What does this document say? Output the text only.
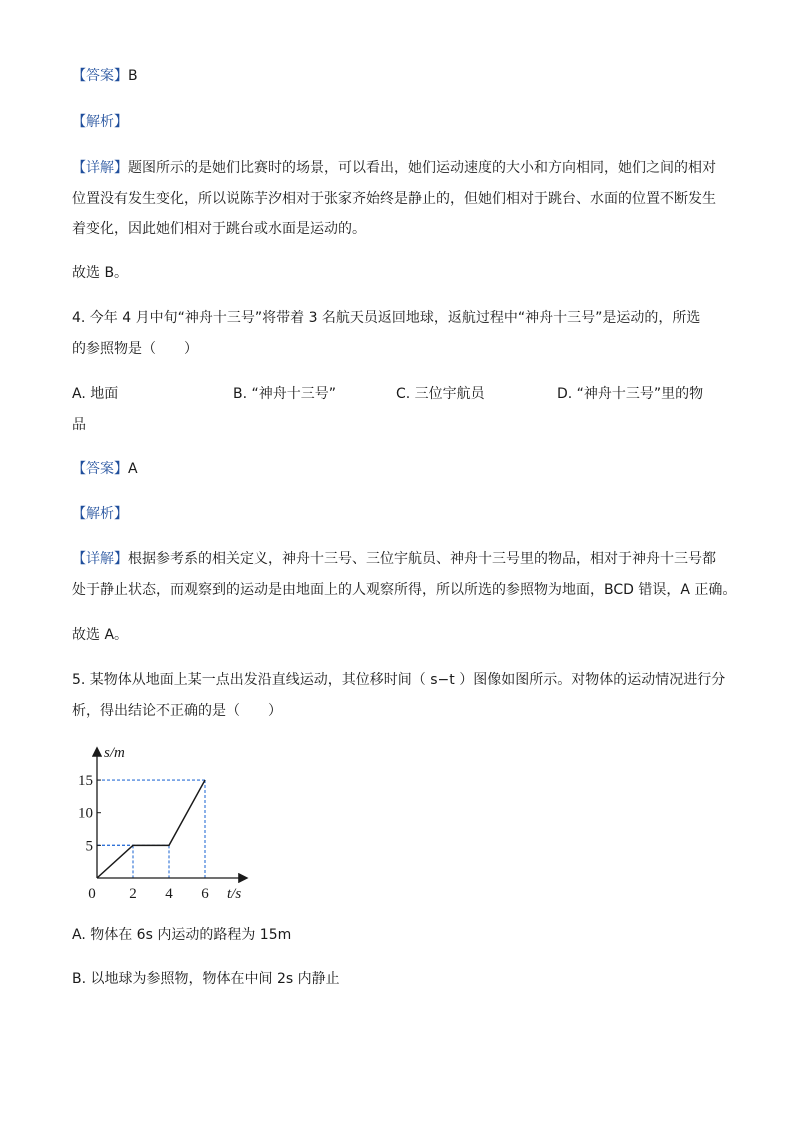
【答案】B
【解析】
【详解】题图所示的是她们比赛时的场景，可以看出，她们运动速度的大小和方向相同，她们之间的相对
位置没有发生变化，所以说陈芋汐相对于张家齐始终是静止的，但她们相对于跳台、水面的位置不断发生
着变化，因此她们相对于跳台或水面是运动的。
故选 B。
4. 今年 4 月中旬“神舟十三号”将带着 3 名航天员返回地球，返航过程中“神舟十三号”是运动的，所选
的参照物是（　　）
A. 地面	B. “神舟十三号”	C. 三位宇航员	D. “神舟十三号”里的物
品
【答案】A
【解析】
【详解】根据参考系的相关定义，神舟十三号、三位宇航员、神舟十三号里的物品，相对于神舟十三号都
处于静止状态，而观察到的运动是由地面上的人观察所得，所以所选的参照物为地面，BCD 错误，A 正确。
故选 A。
5. 某物体从地面上某一点出发沿直线运动，其位移时间（ s−t ）图像如图所示。对物体的运动情况进行分
析，得出结论不正确的是（　　）
2 4 6
5
10
15
s/m
t/s
0
A. 物体在 6s 内运动的路程为 15m
B. 以地球为参照物，物体在中间 2s 内静止
